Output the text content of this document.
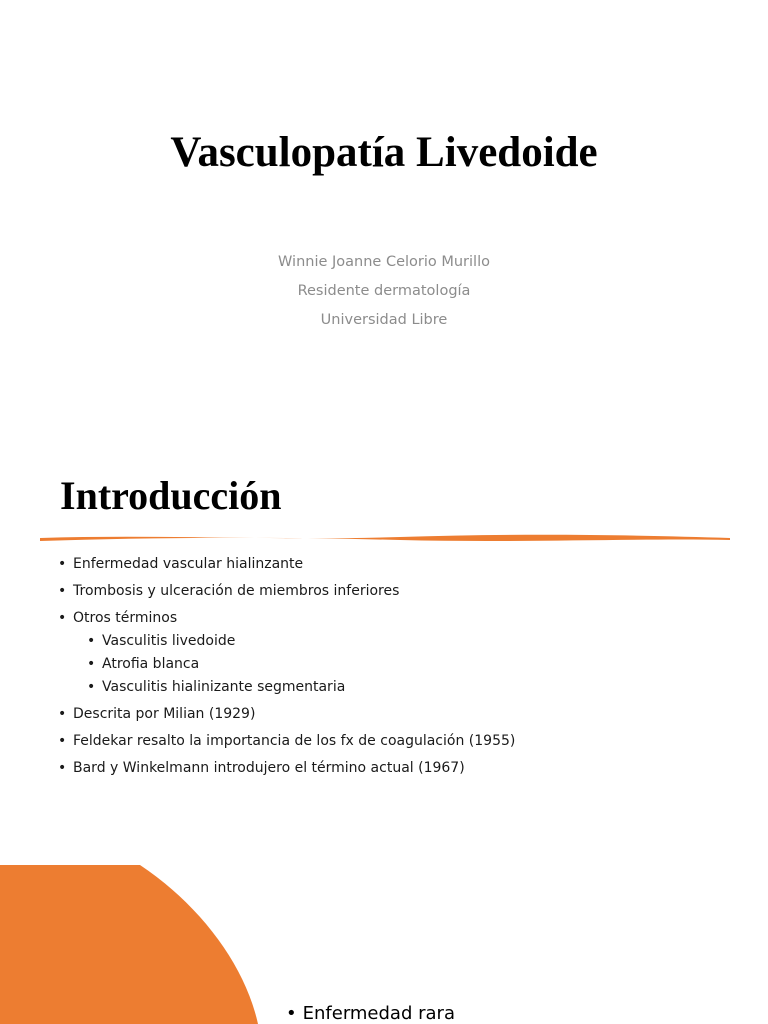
Vasculopatía Livedoide
Winnie Joanne Celorio Murillo
Residente dermatología
Universidad Libre
Introducción
• Enfermedad vascular hialinzante
• Trombosis y ulceración de miembros inferiores
• Otros términos
• Vasculitis livedoide
• Atrofia blanca
• Vasculitis hialinizante segmentaria
• Descrita por Milian (1929)
• Feldekar resalto la importancia de los fx de coagulación (1955)
• Bard y Winkelmann introdujero el término actual (1967)
• Enfermedad rara
